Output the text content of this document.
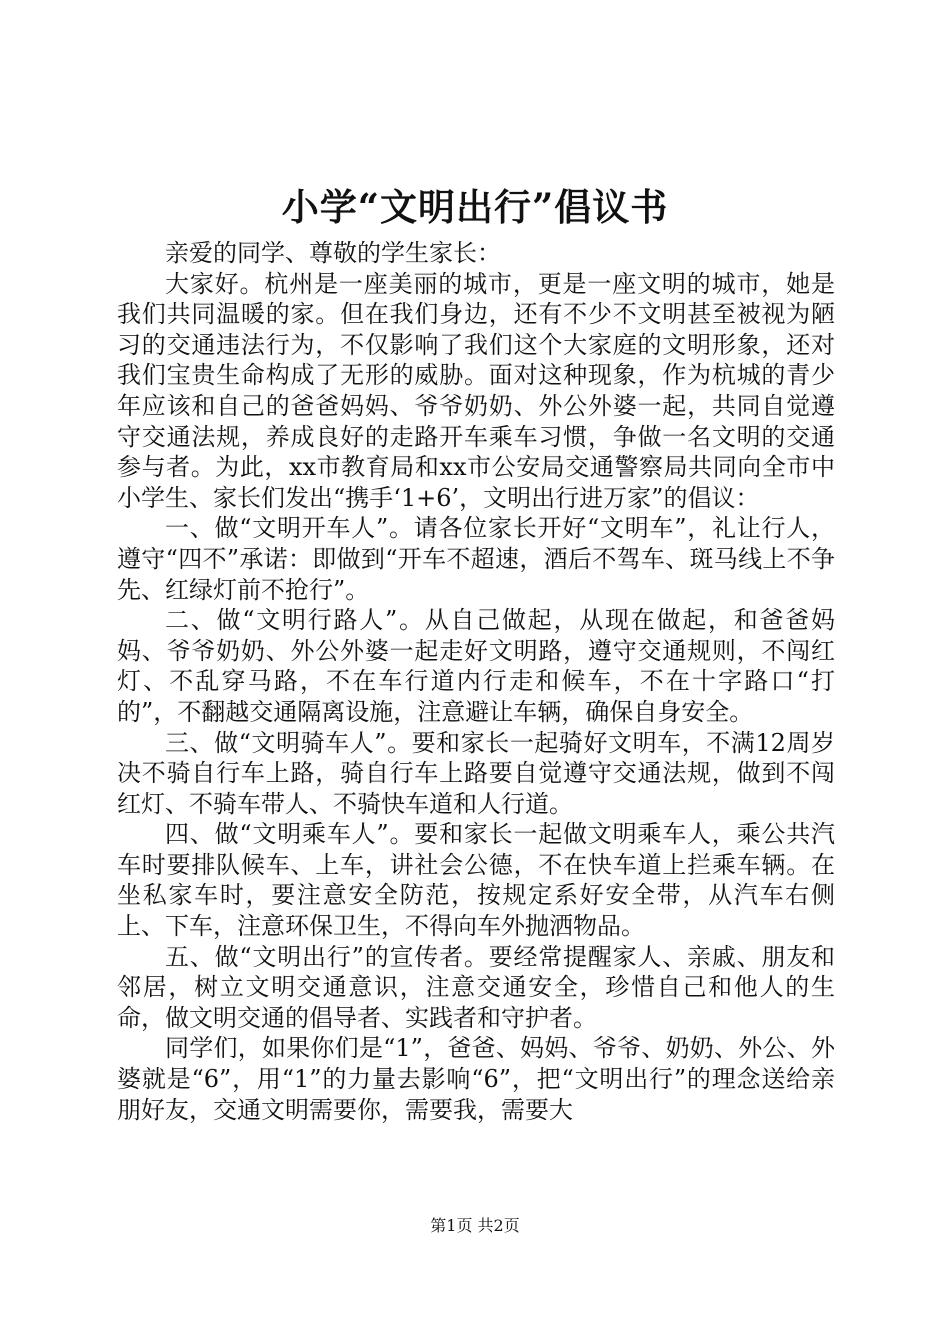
小学“文明出行”倡议书

亲爱的同学、尊敬的学生家长：

大家好。杭州是一座美丽的城市，更是一座文明的城市，她是我们共同温暖的家。但在我们身边，还有不少不文明甚至被视为陋习的交通违法行为，不仅影响了我们这个大家庭的文明形象，还对我们宝贵生命构成了无形的威胁。面对这种现象，作为杭城的青少年应该和自己的爸爸妈妈、爷爷奶奶、外公外婆一起，共同自觉遵守交通法规，养成良好的走路开车乘车习惯，争做一名文明的交通参与者。为此，xx市教育局和xx市公安局交通警察局共同向全市中小学生、家长们发出“携手‘1+6’，文明出行进万家”的倡议：

一、做“文明开车人”。请各位家长开好“文明车”，礼让行人，遵守“四不”承诺：即做到“开车不超速，酒后不驾车、斑马线上不争先、红绿灯前不抢行”。

二、做“文明行路人”。从自己做起，从现在做起，和爸爸妈妈、爷爷奶奶、外公外婆一起走好文明路，遵守交通规则，不闯红灯、不乱穿马路，不在车行道内行走和候车，不在十字路口“打的”，不翻越交通隔离设施，注意避让车辆，确保自身安全。

三、做“文明骑车人”。要和家长一起骑好文明车，不满12周岁决不骑自行车上路，骑自行车上路要自觉遵守交通法规，做到不闯红灯、不骑车带人、不骑快车道和人行道。

四、做“文明乘车人”。要和家长一起做文明乘车人，乘公共汽车时要排队候车、上车，讲社会公德，不在快车道上拦乘车辆。在坐私家车时，要注意安全防范，按规定系好安全带，从汽车右侧上、下车，注意环保卫生，不得向车外抛洒物品。

五、做“文明出行”的宣传者。要经常提醒家人、亲戚、朋友和邻居，树立文明交通意识，注意交通安全，珍惜自己和他人的生命，做文明交通的倡导者、实践者和守护者。

同学们，如果你们是“1”，爸爸、妈妈、爷爷、奶奶、外公、外婆就是“6”，用“1”的力量去影响“6”，把“文明出行”的理念送给亲朋好友，交通文明需要你，需要我，需要大

第1页 共2页
